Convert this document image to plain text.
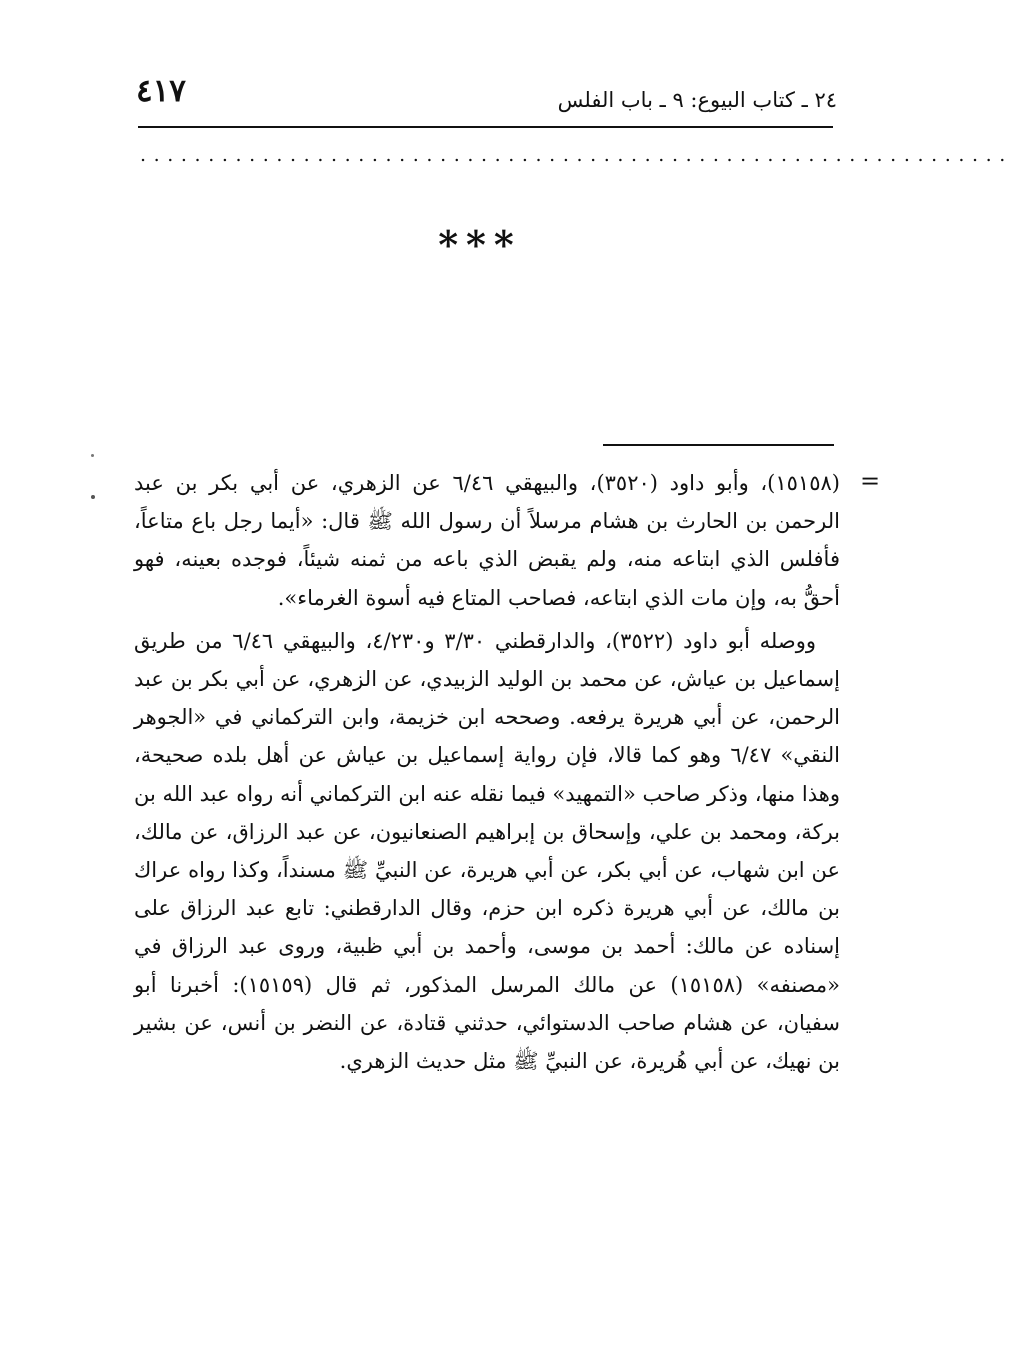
٤١٧	٢٤ ـ كتاب البيوع: ٩ ـ باب الفلس
................................................................
***
=

(١٥١٥٨)، وأبو داود (٣٥٢٠)، والبيهقي ٦/٤٦ عن الزهري، عن أبي بكر بن عبد الرحمن بن الحارث بن هشام مرسلاً أن رسول الله ﷺ قال: «أيما رجل باع متاعاً، فأفلس الذي ابتاعه منه، ولم يقبض الذي باعه من ثمنه شيئاً، فوجده بعينه، فهو أحقُّ به، وإن مات الذي ابتاعه، فصاحب المتاع فيه أسوة الغرماء».

ووصله أبو داود (٣٥٢٢)، والدارقطني ٣/٣٠ و٤/٢٣٠، والبيهقي ٦/٤٦ من طريق إسماعيل بن عياش، عن محمد بن الوليد الزبيدي، عن الزهري، عن أبي بكر بن عبد الرحمن، عن أبي هريرة يرفعه. وصححه ابن خزيمة، وابن التركماني في «الجوهر النقي» ٦/٤٧ وهو كما قالا، فإن رواية إسماعيل بن عياش عن أهل بلده صحيحة، وهذا منها، وذكر صاحب «التمهيد» فيما نقله عنه ابن التركماني أنه رواه عبد الله بن بركة، ومحمد بن علي، وإسحاق بن إبراهيم الصنعانيون، عن عبد الرزاق، عن مالك، عن ابن شهاب، عن أبي بكر، عن أبي هريرة، عن النبيِّ ﷺ مسنداً، وكذا رواه عراك بن مالك، عن أبي هريرة ذكره ابن حزم، وقال الدارقطني: تابع عبد الرزاق على إسناده عن مالك: أحمد بن موسى، وأحمد بن أبي ظبية، وروى عبد الرزاق في «مصنفه» (١٥١٥٨) عن مالك المرسل المذكور، ثم قال (١٥١٥٩): أخبرنا أبو سفيان، عن هشام صاحب الدستوائي، حدثني قتادة، عن النضر بن أنس، عن بشير بن نهيك، عن أبي هُريرة، عن النبيِّ ﷺ مثل حديث الزهري.
